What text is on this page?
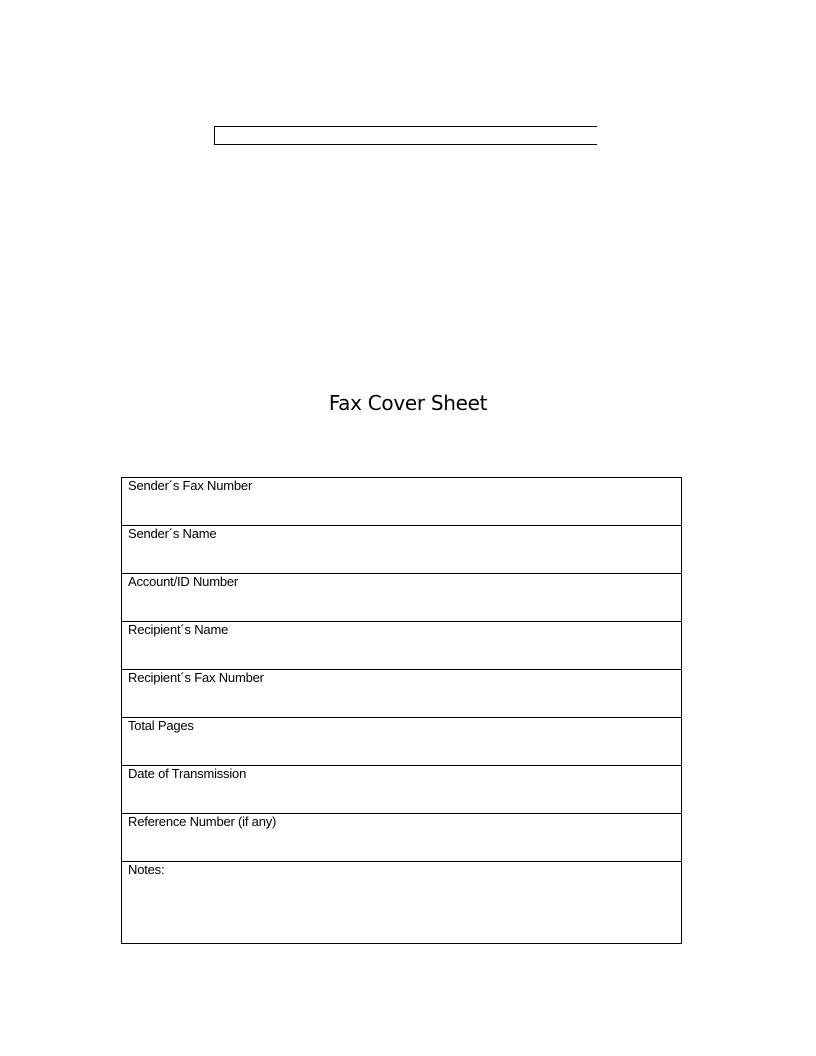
Fax Cover Sheet
Sender´s Fax Number
Sender´s Name
Account/ID Number
Recipient´s Name
Recipient´s Fax Number
Total Pages
Date of Transmission
Reference Number (if any)
Notes:
